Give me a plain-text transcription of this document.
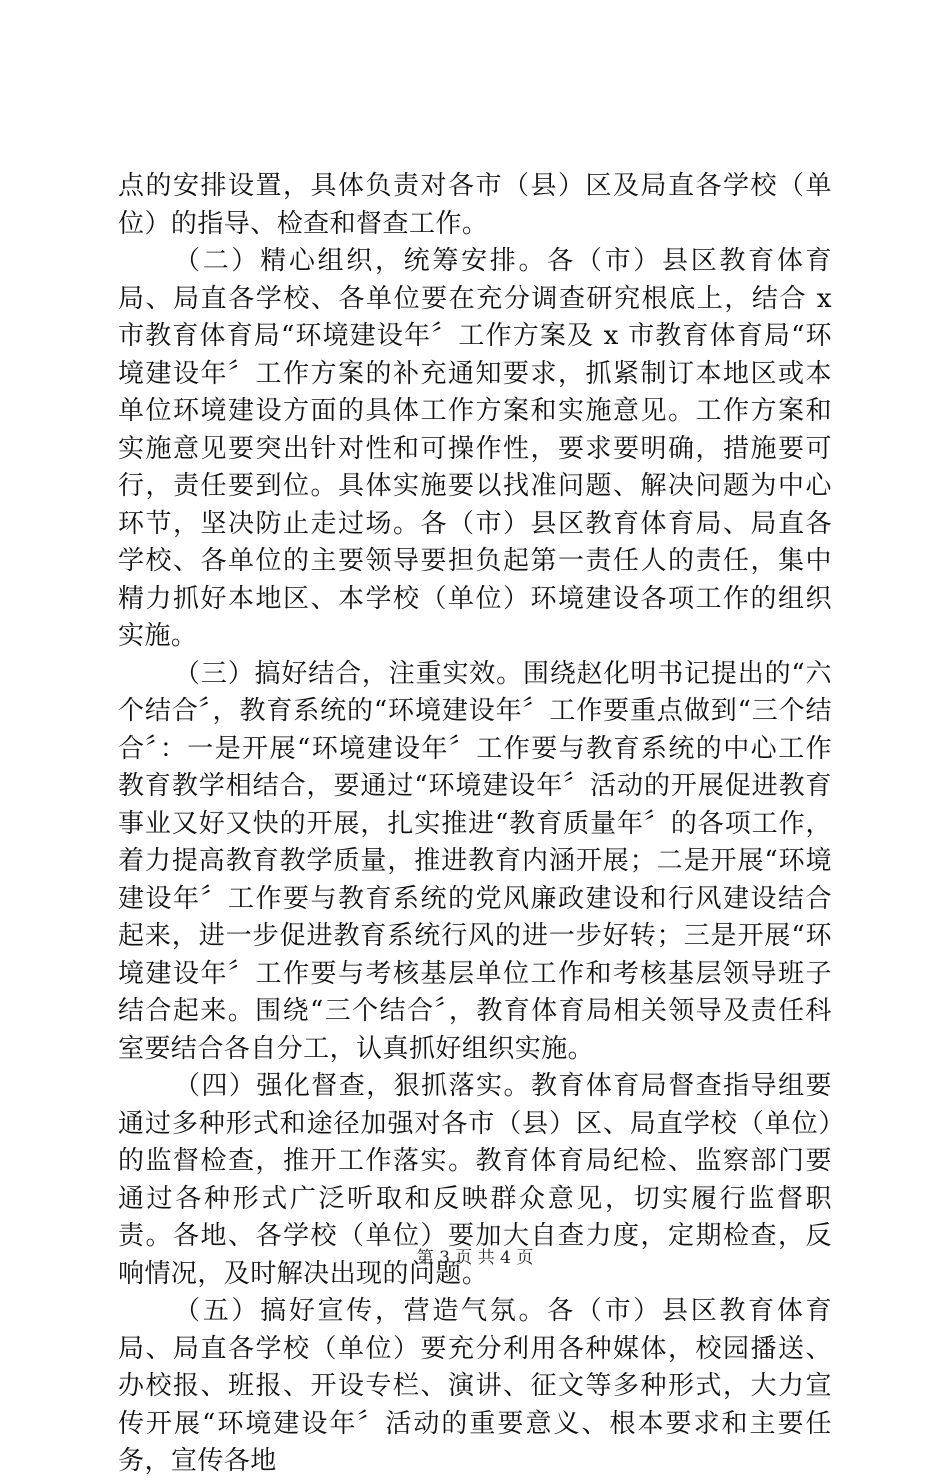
点的安排设置，具体负责对各市（县）区及局直各学校（单位）的指导、检查和督查工作。

（二）精心组织，统筹安排。各（市）县区教育体育局、局直各学校、各单位要在充分调查研究根底上，结合 x 市教育体育局“环境建设年〞工作方案及 x 市教育体育局“环境建设年〞工作方案的补充通知要求，抓紧制订本地区或本单位环境建设方面的具体工作方案和实施意见。工作方案和实施意见要突出针对性和可操作性，要求要明确，措施要可行，责任要到位。具体实施要以找准问题、解决问题为中心环节，坚决防止走过场。各（市）县区教育体育局、局直各学校、各单位的主要领导要担负起第一责任人的责任，集中精力抓好本地区、本学校（单位）环境建设各项工作的组织实施。

（三）搞好结合，注重实效。围绕赵化明书记提出的“六个结合〞，教育系统的“环境建设年〞工作要重点做到“三个结合〞：一是开展“环境建设年〞工作要与教育系统的中心工作教育教学相结合，要通过“环境建设年〞活动的开展促进教育事业又好又快的开展，扎实推进“教育质量年〞的各项工作，着力提高教育教学质量，推进教育内涵开展；二是开展“环境建设年〞工作要与教育系统的党风廉政建设和行风建设结合起来，进一步促进教育系统行风的进一步好转；三是开展“环境建设年〞工作要与考核基层单位工作和考核基层领导班子结合起来。围绕“三个结合〞，教育体育局相关领导及责任科室要结合各自分工，认真抓好组织实施。

（四）强化督查，狠抓落实。教育体育局督查指导组要通过多种形式和途径加强对各市（县）区、局直学校（单位）的监督检查，推开工作落实。教育体育局纪检、监察部门要通过各种形式广泛听取和反映群众意见，切实履行监督职责。各地、各学校（单位）要加大自查力度，定期检查，反响情况，及时解决出现的问题。

（五）搞好宣传，营造气氛。各（市）县区教育体育局、局直各学校（单位）要充分利用各种媒体，校园播送、办校报、班报、开设专栏、演讲、征文等多种形式，大力宣传开展“环境建设年〞活动的重要意义、根本要求和主要任务，宣传各地

第 3 页 共 4 页
